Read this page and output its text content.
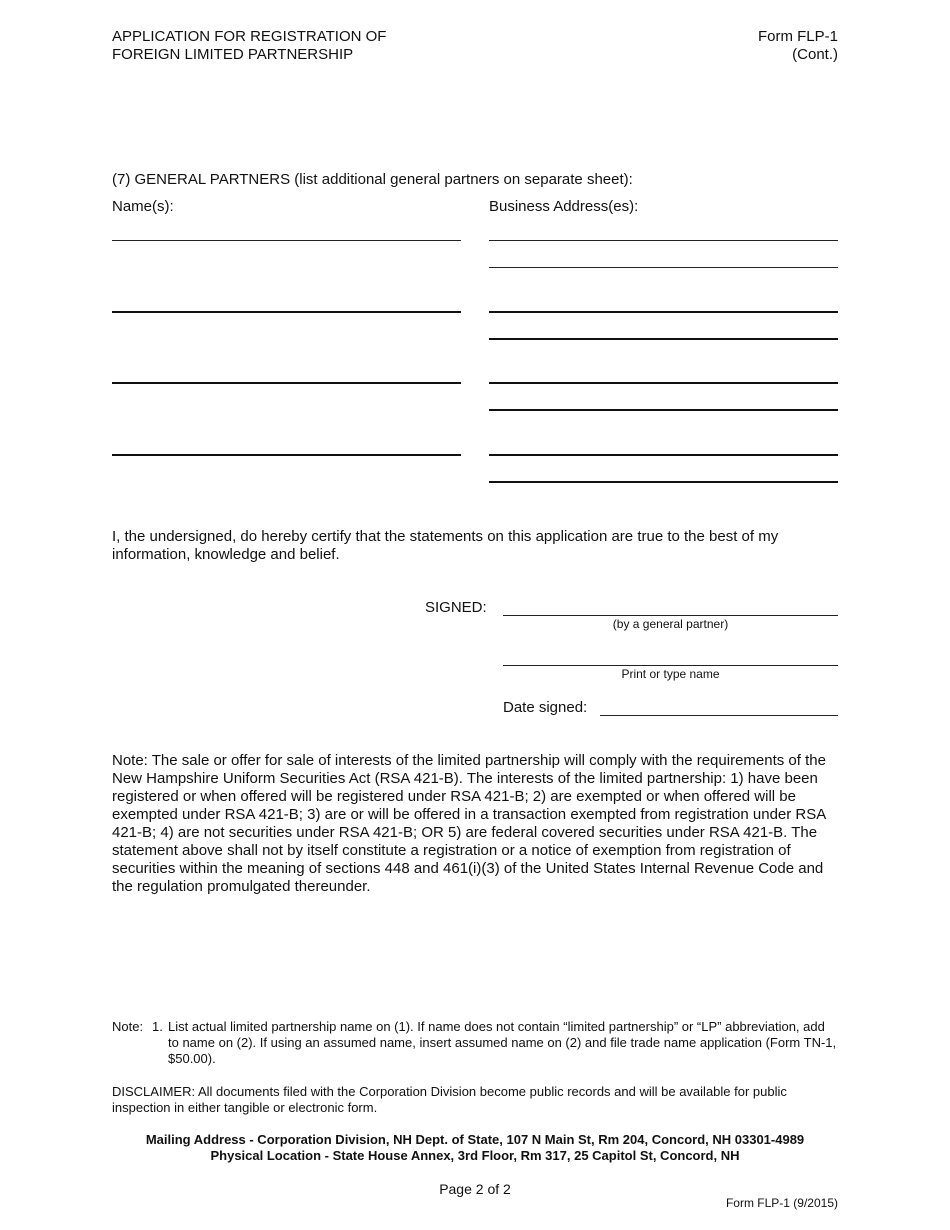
APPLICATION FOR REGISTRATION OF
FOREIGN LIMITED PARTNERSHIP
Form FLP-1
(Cont.)
(7) GENERAL PARTNERS (list additional general partners on separate sheet):
Name(s):	Business Address(es):
I, the undersigned, do hereby certify that the statements on this application are true to the best of my information, knowledge and belief.
SIGNED:
(by a general partner)
Print or type name
Date signed:
Note: The sale or offer for sale of interests of the limited partnership will comply with the requirements of the New Hampshire Uniform Securities Act (RSA 421-B). The interests of the limited partnership: 1) have been registered or when offered will be registered under RSA 421-B; 2) are exempted or when offered will be exempted under RSA 421-B; 3) are or will be offered in a transaction exempted from registration under RSA 421-B; 4) are not securities under RSA 421-B; OR 5) are federal covered securities under RSA 421-B. The statement above shall not by itself constitute a registration or a notice of exemption from registration of securities within the meaning of sections 448 and 461(i)(3) of the United States Internal Revenue Code and the regulation promulgated thereunder.
Note: 1. List actual limited partnership name on (1). If name does not contain “limited partnership” or “LP” abbreviation, add to name on (2). If using an assumed name, insert assumed name on (2) and file trade name application (Form TN-1, $50.00).
DISCLAIMER: All documents filed with the Corporation Division become public records and will be available for public inspection in either tangible or electronic form.
Mailing Address - Corporation Division, NH Dept. of State, 107 N Main St, Rm 204, Concord, NH 03301-4989
Physical Location - State House Annex, 3rd Floor, Rm 317, 25 Capitol St, Concord, NH
Page 2 of 2
Form FLP-1 (9/2015)
